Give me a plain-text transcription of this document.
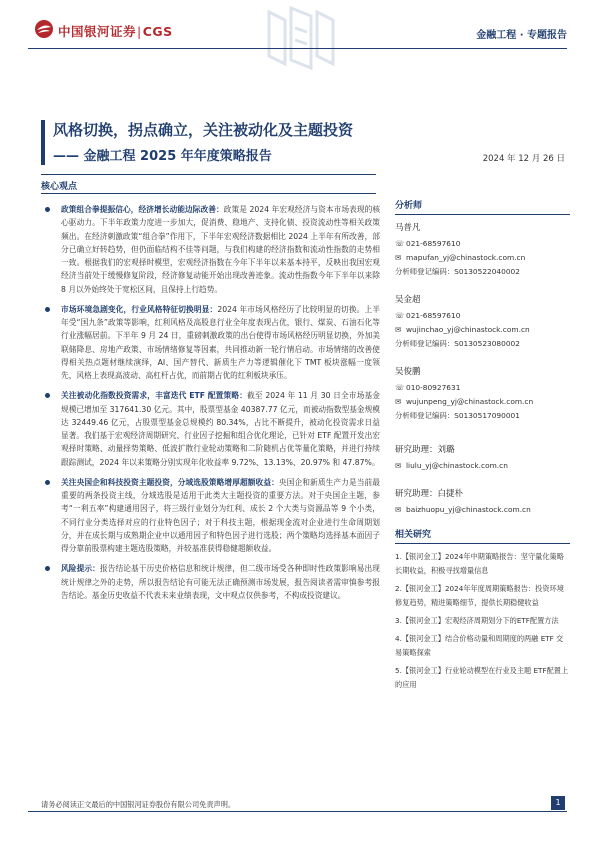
中国银河证券|CGS	金融工程 · 专题报告
风格切换，拐点确立，关注被动化及主题投资
—— 金融工程 2025 年年度策略报告	2024 年 12 月 26 日
核心观点
政策组合拳提振信心，经济增长动能边际改善：政策是 2024 年宏观经济与资本市场表现的核心驱动力。下半年政策力度进一步加大，促消费、稳地产、支持化债、投资流动性等相关政策频出。在经济刺激政策“组合拳”作用下，下半年宏观经济数据相比 2024 上半年有所改善，部分已确立好转趋势，但仍面临结构不佳等问题，与我们构建的经济指数和流动性指数的走势相一致。根据我们的宏观择时模型，宏观经济指数在今年下半年以来基本持平，反映出我国宏观经济当前处于缓慢修复阶段，经济修复动能开始出现改善迹象。流动性指数今年下半年以来除 8 月以外始终处于宽松区间，且保持上行趋势。
市场环境急剧变化，行业风格特征切换明显：2024 年市场风格经历了比较明显的切换。上半年受“国九条”政策等影响，红利风格及高股息行业全年度表现占优，银行、煤炭、石油石化等行业涨幅居前。下半年 9 月 24 日，重磅刺激政策的出台使得市场风格经历明显切换，外加美联储降息、房地产政策、市场情绪修复等因素，共同推动新一轮行情启动。市场情绪的改善使得相关热点题材继续演绎，AI、国产替代、新质生产力等逻辑催化下 TMT 板块涨幅一度领先，风格上表现高波动、高杠杆占优，而前期占优的红利板块承压。
关注被动化指数投资需求，丰富迭代 ETF 配置策略：截至 2024 年 11 月 30 日全市场基金规模已增加至 317641.30 亿元。其中，股票型基金 40387.77 亿元，而被动指数型基金规模达 32449.46 亿元，占股票型基金总规模约 80.34%，占比不断提升，被动化投资需求日益显著。我们基于宏观经济周期研究、行业因子挖掘和组合优化理论，已针对 ETF 配置开发出宏观择时策略、动量择势策略、低波扩散行业轮动策略和二阶随机占优等量化策略，并进行持续跟踪测试，2024 年以来策略分别实现年化收益率 9.72%、13.13%、20.97% 和 47.87%。
关注央国企和科技投资主题投资，分域选股策略增厚超额收益：央国企和新质生产力是当前最重要的两条投资主线，分域选股是适用于此类大主题投资的重要方法。对于央国企主题，参考“一利五率”构建通用因子，将三级行业划分为红利、成长 2 个大类与资源品等 9 个小类，不同行业分类选择对应的行业特色因子；对于科技主题，根据现金流对企业进行生命周期划分，并在成长期与成熟期企业中以通用因子和特色因子进行选股；两个策略均选择基本面因子得分靠前股票构建主题选股策略，并较基准获得稳健超额收益。
风险提示：报告结论基于历史价格信息和统计规律，但二级市场受各种即时性政策影响易出现统计规律之外的走势，所以报告结论有可能无法正确预测市场发展，报告阅读者需审慎参考报告结论。基金历史收益不代表未来业绩表现，文中观点仅供参考，不构成投资建议。
分析师
马普凡
☏ 021-68597610
✉ mapufan_yj@chinastock.com.cn
分析师登记编码：S0130522040002
吴金超
☏ 021-68597610
✉ wujinchao_yj@chinastock.com.cn
分析师登记编码：S0130523080002
吴俊鹏
☏ 010-80927631
✉ wujunpeng_yj@chinastock.com.cn
分析师登记编码：S0130517090001
研究助理：刘璐
✉ liulu_yj@chinastock.com.cn
研究助理：白捷朴
✉ baizhuopu_yj@chinastock.com.cn
相关研究
1.【银河金工】2024年中期策略报告：坚守量化策略长期收益，积极寻找增量信息
2.【银河金工】2024年年度周期策略报告：投资环境修复趋势，精进策略细节，提供长期稳健收益
3.【银河金工】宏观经济周期划分下的ETF配置方法
4.【银河金工】结合价格动量和周期度的两融 ETF 交易策略探索
5.【银河金工】行业轮动模型在行业及主题 ETF配置上的应用
请务必阅读正文最后的中国银河证券股份有限公司免责声明。	1
